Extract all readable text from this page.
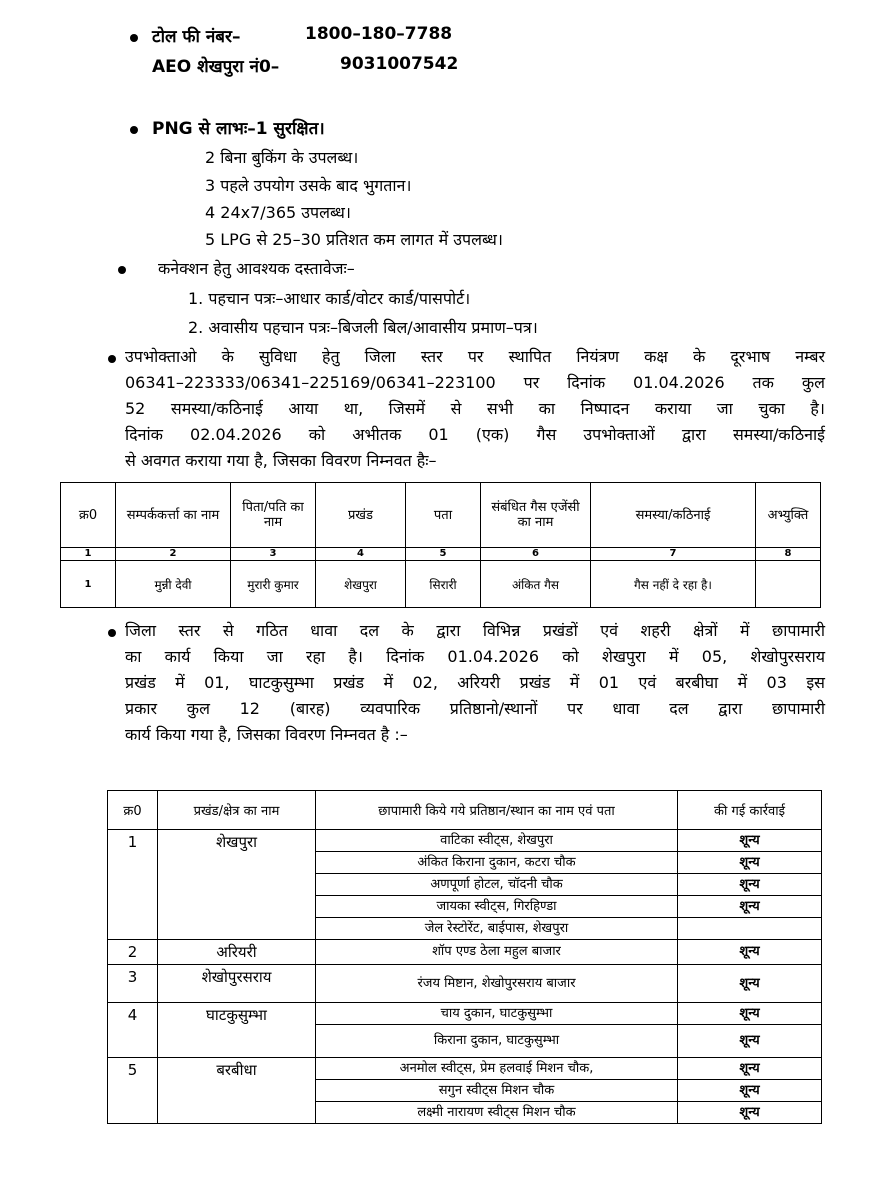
टोल फी नंबर–	1800–180–7788
AEO शेखपुरा नं0–	9031007542
PNG से लाभः–1 सुरक्षित।
2 बिना बुकिंग के उपलब्ध।
3 पहले उपयोग उसके बाद भुगतान।
4 24x7/365 उपलब्ध।
5 LPG से 25–30 प्रतिशत कम लागत में उपलब्ध।
कनेक्शन हेतु आवश्यक दस्तावेजः–
1. पहचान पत्रः–आधार कार्ड/वोटर कार्ड/पासपोर्ट।
2. अवासीय पहचान पत्रः–बिजली बिल/आवासीय प्रमाण–पत्र।
उपभोक्ताओ के सुविधा हेतु जिला स्तर पर स्थापित नियंत्रण कक्ष के दूरभाष नम्बर
06341–223333/06341–225169/06341–223100 पर दिनांक 01.04.2026 तक कुल
52 समस्या/कठिनाई आया था, जिसमें से सभी का निष्पादन कराया जा चुका है।
दिनांक 02.04.2026 को अभीतक 01 (एक) गैस उपभोक्ताओं द्वारा समस्या/कठिनाई
से अवगत कराया गया है, जिसका विवरण निम्नवत हैः–
क्र0	सम्पर्ककर्त्ता का नाम	पिता/पति का नाम	प्रखंड	पता	संबंधित गैस एजेंसी का नाम	समस्या/कठिनाई	अभ्युक्ति
1	2	3	4	5	6	7	8
1	मुन्नी देवी	मुरारी कुमार	शेखपुरा	सिरारी	अंकित गैस	गैस नहीं दे रहा है।	
जिला स्तर से गठित धावा दल के द्वारा विभिन्न प्रखंडों एवं शहरी क्षेत्रों में छापामारी
का कार्य किया जा रहा है। दिनांक 01.04.2026 को शेखपुरा में 05, शेखोपुरसराय
प्रखंड में 01, घाटकुसुम्भा प्रखंड में 02, अरियरी प्रखंड में 01 एवं बरबीघा में 03 इस
प्रकार कुल 12 (बारह) व्यवपारिक प्रतिष्ठानो/स्थानों पर धावा दल द्वारा छापामारी
कार्य किया गया है, जिसका विवरण निम्नवत है :–
क्र0	प्रखंड/क्षेत्र का नाम	छापामारी किये गये प्रतिष्ठान/स्थान का नाम एवं पता	की गई कार्रवाई
1	शेखपुरा	वाटिका स्वीट्स, शेखपुरा	शून्य
		अंकित किराना दुकान, कटरा चौक	शून्य
		अणपूर्णा होटल, चॉदनी चौक	शून्य
		जायका स्वीट्स, गिरहिण्डा	शून्य
		जेल रेस्टोरेंट, बाईपास, शेखपुरा	
2	अरियरी	शॉप एण्ड ठेला महुल बाजार	शून्य
3	शेखोपुरसराय	रंजय मिष्टान, शेखोपुरसराय बाजार	शून्य
4	घाटकुसुम्भा	चाय दुकान, घाटकुसुम्भा	शून्य
		किराना दुकान, घाटकुसुम्भा	शून्य
5	बरबीधा	अनमोल स्वीट्स, प्रेम हलवाई मिशन चौक,	शून्य
		सगुन स्वीट्स मिशन चौक	शून्य
		लक्ष्मी नारायण स्वीट्स मिशन चौक	शून्य
